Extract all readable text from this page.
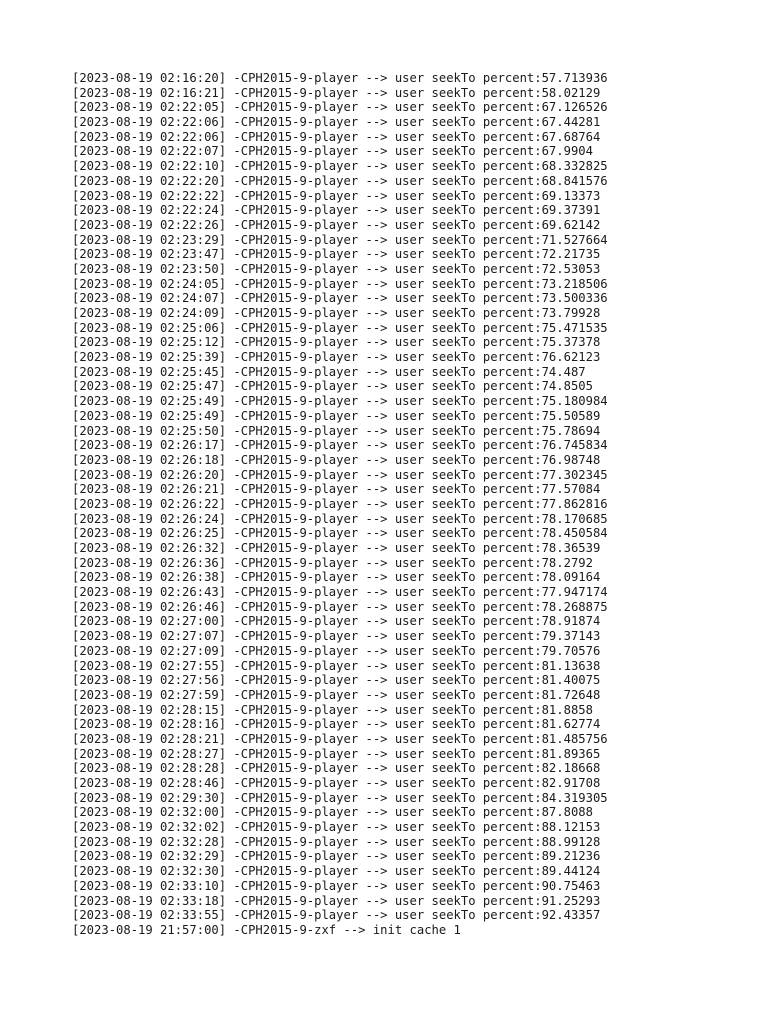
[2023-08-19 02:16:20] -CPH2015-9-player --> user seekTo percent:57.713936
[2023-08-19 02:16:21] -CPH2015-9-player --> user seekTo percent:58.02129
[2023-08-19 02:22:05] -CPH2015-9-player --> user seekTo percent:67.126526
[2023-08-19 02:22:06] -CPH2015-9-player --> user seekTo percent:67.44281
[2023-08-19 02:22:06] -CPH2015-9-player --> user seekTo percent:67.68764
[2023-08-19 02:22:07] -CPH2015-9-player --> user seekTo percent:67.9904
[2023-08-19 02:22:10] -CPH2015-9-player --> user seekTo percent:68.332825
[2023-08-19 02:22:20] -CPH2015-9-player --> user seekTo percent:68.841576
[2023-08-19 02:22:22] -CPH2015-9-player --> user seekTo percent:69.13373
[2023-08-19 02:22:24] -CPH2015-9-player --> user seekTo percent:69.37391
[2023-08-19 02:22:26] -CPH2015-9-player --> user seekTo percent:69.62142
[2023-08-19 02:23:29] -CPH2015-9-player --> user seekTo percent:71.527664
[2023-08-19 02:23:47] -CPH2015-9-player --> user seekTo percent:72.21735
[2023-08-19 02:23:50] -CPH2015-9-player --> user seekTo percent:72.53053
[2023-08-19 02:24:05] -CPH2015-9-player --> user seekTo percent:73.218506
[2023-08-19 02:24:07] -CPH2015-9-player --> user seekTo percent:73.500336
[2023-08-19 02:24:09] -CPH2015-9-player --> user seekTo percent:73.79928
[2023-08-19 02:25:06] -CPH2015-9-player --> user seekTo percent:75.471535
[2023-08-19 02:25:12] -CPH2015-9-player --> user seekTo percent:75.37378
[2023-08-19 02:25:39] -CPH2015-9-player --> user seekTo percent:76.62123
[2023-08-19 02:25:45] -CPH2015-9-player --> user seekTo percent:74.487
[2023-08-19 02:25:47] -CPH2015-9-player --> user seekTo percent:74.8505
[2023-08-19 02:25:49] -CPH2015-9-player --> user seekTo percent:75.180984
[2023-08-19 02:25:49] -CPH2015-9-player --> user seekTo percent:75.50589
[2023-08-19 02:25:50] -CPH2015-9-player --> user seekTo percent:75.78694
[2023-08-19 02:26:17] -CPH2015-9-player --> user seekTo percent:76.745834
[2023-08-19 02:26:18] -CPH2015-9-player --> user seekTo percent:76.98748
[2023-08-19 02:26:20] -CPH2015-9-player --> user seekTo percent:77.302345
[2023-08-19 02:26:21] -CPH2015-9-player --> user seekTo percent:77.57084
[2023-08-19 02:26:22] -CPH2015-9-player --> user seekTo percent:77.862816
[2023-08-19 02:26:24] -CPH2015-9-player --> user seekTo percent:78.170685
[2023-08-19 02:26:25] -CPH2015-9-player --> user seekTo percent:78.450584
[2023-08-19 02:26:32] -CPH2015-9-player --> user seekTo percent:78.36539
[2023-08-19 02:26:36] -CPH2015-9-player --> user seekTo percent:78.2792
[2023-08-19 02:26:38] -CPH2015-9-player --> user seekTo percent:78.09164
[2023-08-19 02:26:43] -CPH2015-9-player --> user seekTo percent:77.947174
[2023-08-19 02:26:46] -CPH2015-9-player --> user seekTo percent:78.268875
[2023-08-19 02:27:00] -CPH2015-9-player --> user seekTo percent:78.91874
[2023-08-19 02:27:07] -CPH2015-9-player --> user seekTo percent:79.37143
[2023-08-19 02:27:09] -CPH2015-9-player --> user seekTo percent:79.70576
[2023-08-19 02:27:55] -CPH2015-9-player --> user seekTo percent:81.13638
[2023-08-19 02:27:56] -CPH2015-9-player --> user seekTo percent:81.40075
[2023-08-19 02:27:59] -CPH2015-9-player --> user seekTo percent:81.72648
[2023-08-19 02:28:15] -CPH2015-9-player --> user seekTo percent:81.8858
[2023-08-19 02:28:16] -CPH2015-9-player --> user seekTo percent:81.62774
[2023-08-19 02:28:21] -CPH2015-9-player --> user seekTo percent:81.485756
[2023-08-19 02:28:27] -CPH2015-9-player --> user seekTo percent:81.89365
[2023-08-19 02:28:28] -CPH2015-9-player --> user seekTo percent:82.18668
[2023-08-19 02:28:46] -CPH2015-9-player --> user seekTo percent:82.91708
[2023-08-19 02:29:30] -CPH2015-9-player --> user seekTo percent:84.319305
[2023-08-19 02:32:00] -CPH2015-9-player --> user seekTo percent:87.8088
[2023-08-19 02:32:02] -CPH2015-9-player --> user seekTo percent:88.12153
[2023-08-19 02:32:28] -CPH2015-9-player --> user seekTo percent:88.99128
[2023-08-19 02:32:29] -CPH2015-9-player --> user seekTo percent:89.21236
[2023-08-19 02:32:30] -CPH2015-9-player --> user seekTo percent:89.44124
[2023-08-19 02:33:10] -CPH2015-9-player --> user seekTo percent:90.75463
[2023-08-19 02:33:18] -CPH2015-9-player --> user seekTo percent:91.25293
[2023-08-19 02:33:55] -CPH2015-9-player --> user seekTo percent:92.43357
[2023-08-19 21:57:00] -CPH2015-9-zxf --> init cache 1
